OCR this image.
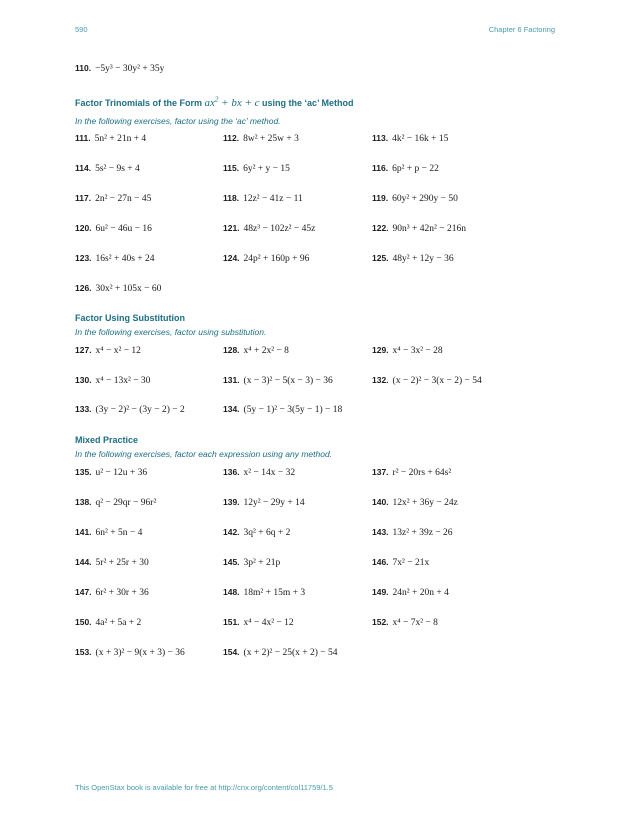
590	Chapter 6 Factoring
Factor Trinomials of the Form $ax^2$ + bx + c using the ‘ac’ Method
In the following exercises, factor using the ‘ac’ method.
Factor Using Substitution
In the following exercises, factor using substitution.
Mixed Practice
In the following exercises, factor each expression using any method.
110. −5y³ − 30y² + 35y
111. 5n² + 21n + 4	112. 8w² + 25w + 3	113. 4k² − 16k + 15
114. 5s² − 9s + 4	115. 6y² + y − 15	116. 6p² + p − 22
117. 2n² − 27n − 45	118. 12z² − 41z − 11	119. 60y² + 290y − 50
120. 6u² − 46u − 16	121. 48z³ − 102z² − 45z	122. 90n³ + 42n² − 216n
123. 16s² + 40s + 24	124. 24p² + 160p + 96	125. 48y² + 12y − 36
126. 30x² + 105x − 60
127. x⁴ − x² − 12	128. x⁴ + 2x² − 8	129. x⁴ − 3x² − 28
130. x⁴ − 13x² − 30	131. (x − 3)² − 5(x − 3) − 36	132. (x − 2)² − 3(x − 2) − 54
133. (3y − 2)² − (3y − 2) − 2	134. (5y − 1)² − 3(5y − 1) − 18
135. u² − 12u + 36	136. x² − 14x − 32	137. r² − 20rs + 64s²
138. q² − 29qr − 96r²	139. 12y² − 29y + 14	140. 12x² + 36y − 24z
141. 6n² + 5n − 4	142. 3q² + 6q + 2	143. 13z² + 39z − 26
144. 5r² + 25r + 30	145. 3p² + 21p	146. 7x² − 21x
147. 6r² + 30r + 36	148. 18m² + 15m + 3	149. 24n² + 20n + 4
150. 4a² + 5a + 2	151. x⁴ − 4x² − 12	152. x⁴ − 7x² − 8
153. (x + 3)² − 9(x + 3) − 36	154. (x + 2)² − 25(x + 2) − 54
This OpenStax book is available for free at http://cnx.org/content/col11759/1.5
